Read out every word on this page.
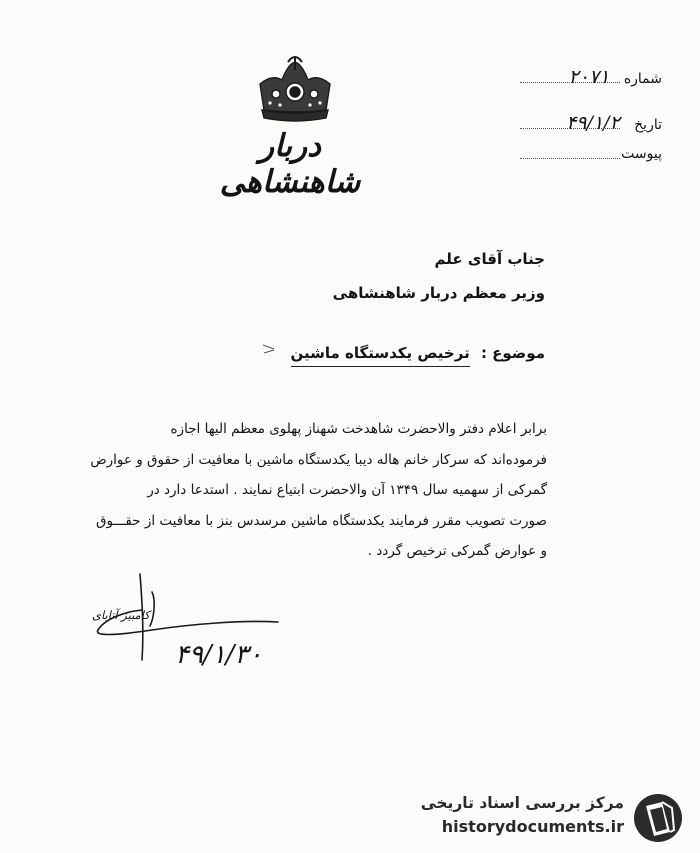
دربار شاهنشاهی
شماره ۲۰۷۱
تاریخ ۴۹/۱/۲
پیوست
جناب آقای علم
وزیر معظم دربار شاهنشاهی
موضوع : ترخیص یکدستگاه ماشین

برابر اعلام دفتر والاحضرت شاهدخت شهناز پهلوی معظم الیها اجازه

فرموده‌اند که سرکار خانم هاله دیبا یکدستگاه ماشین با معافیت از حقوق و عوارض

گمرکی از سهمیه سال ۱۳۴۹ آن والاحضرت ابتیاع نمایند . استدعا دارد در

صورت تصویب مقرر فرمایند یکدستگاه ماشین مرسدس بنز با معافیت از حقـــوق

و عوارض گمرکی ترخیص گردد .

کامبیز آتابای
۴۹/۱/۳۰
مرکز بررسی اسناد تاریخی
historydocuments.ir
